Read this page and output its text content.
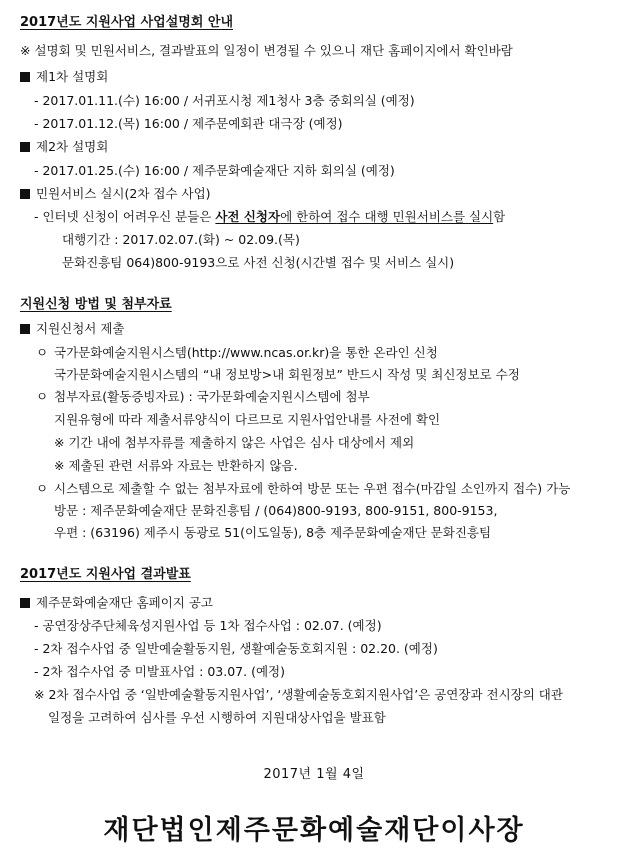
2017년도 지원사업 사업설명회 안내
※ 설명회 및 민원서비스, 결과발표의 일정이 변경될 수 있으니 재단 홈페이지에서 확인바람
제1차 설명회
- 2017.01.11.(수) 16:00 / 서귀포시청 제1청사 3층 중회의실 (예정)
- 2017.01.12.(목) 16:00 / 제주문예회관 대극장 (예정)
제2차 설명회
- 2017.01.25.(수) 16:00 / 제주문화예술재단 지하 회의실 (예정)
민원서비스 실시(2차 접수 사업)
- 인터넷 신청이 어려우신 분들은 사전 신청자에 한하여 접수 대행 민원서비스를 실시함
대행기간 : 2017.02.07.(화) ~ 02.09.(목)
문화진흥팀 064)800-9193으로 사전 신청(시간별 접수 및 서비스 실시)
지원신청 방법 및 첨부자료
지원신청서 제출
ㅇ 국가문화예술지원시스템(http://www.ncas.or.kr)을 통한 온라인 신청
국가문화예술지원시스템의 “내 정보방>내 회원정보” 반드시 작성 및 최신정보로 수정
ㅇ 첨부자료(활동증빙자료) : 국가문화예술지원시스템에 첨부
지원유형에 따라 제출서류양식이 다르므로 지원사업안내를 사전에 확인
※ 기간 내에 첨부자류를 제출하지 않은 사업은 심사 대상에서 제외
※ 제출된 관련 서류와 자료는 반환하지 않음.
ㅇ 시스템으로 제출할 수 없는 첨부자료에 한하여 방문 또는 우편 접수(마감일 소인까지 접수) 가능
방문 : 제주문화예술재단 문화진흥팀 / (064)800-9193, 800-9151, 800-9153,
우편 : (63196) 제주시 동광로 51(이도일동), 8층 제주문화예술재단 문화진흥팀
2017년도 지원사업 결과발표
제주문화예술재단 홈페이지 공고
- 공연장상주단체육성지원사업 등 1차 접수사업 : 02.07. (예정)
- 2차 접수사업 중 일반예술활동지원, 생활예술동호회지원 : 02.20. (예정)
- 2차 접수사업 중 미발표사업 : 03.07. (예정)
※ 2차 접수사업 중 ‘일반예술활동지원사업’, ‘생활예술동호회지원사업’은 공연장과 전시장의 대관
일정을 고려하여 심사를 우선 시행하여 지원대상사업을 발표함
2017년 1월 4일
재단법인제주문화예술재단이사장
